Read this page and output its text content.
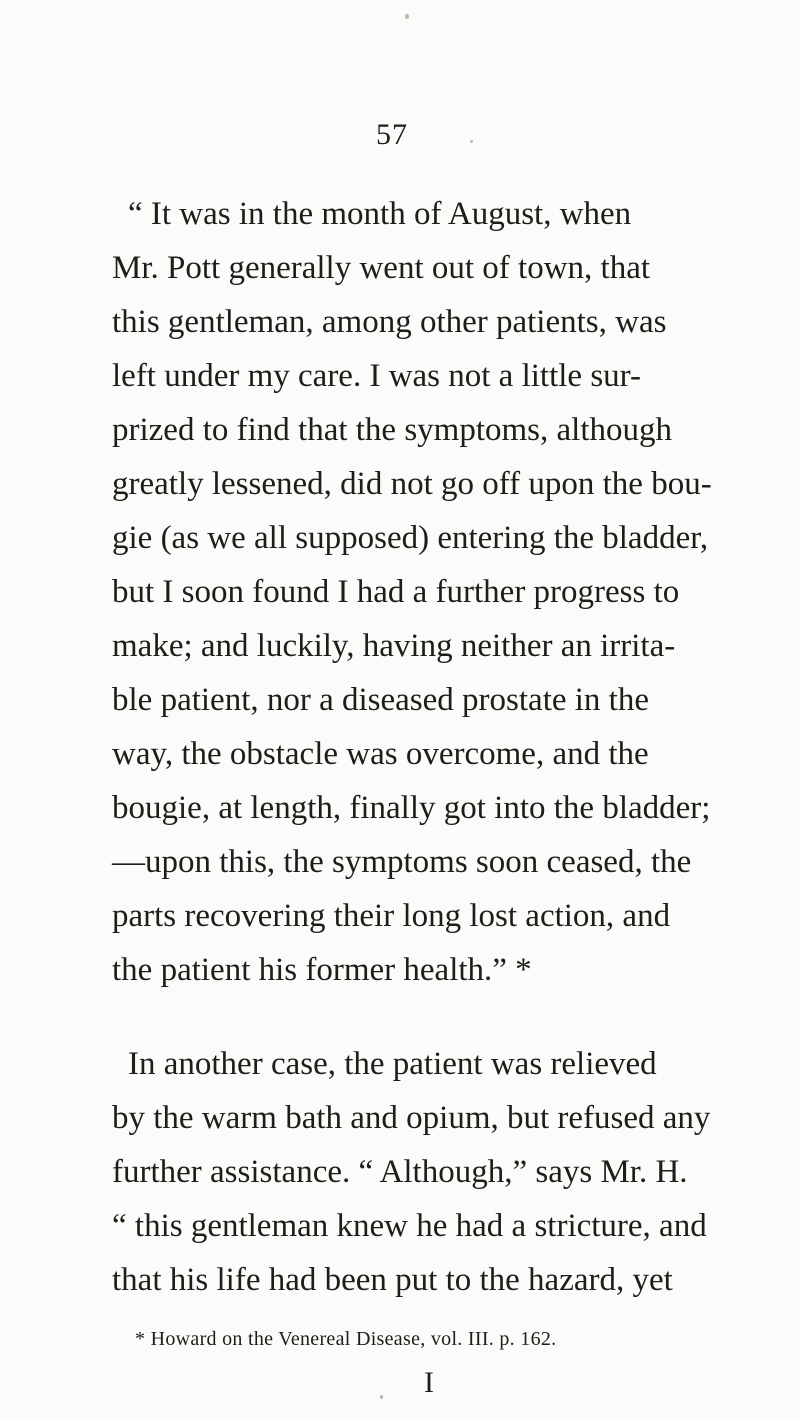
57
* Howard on the Venereal Disease, vol. III. p. 162.
I
“ It was in the month of August, when
Mr. Pott generally went out of town, that
this gentleman, among other patients, was
left under my care. I was not a little sur-
prized to find that the symptoms, although
greatly lessened, did not go off upon the bou-
gie (as we all supposed) entering the bladder,
but I soon found I had a further progress to
make; and luckily, having neither an irrita-
ble patient, nor a diseased prostate in the
way, the obstacle was overcome, and the
bougie, at length, finally got into the bladder;
—upon this, the symptoms soon ceased, the
parts recovering their long lost action, and
the patient his former health.” *
In another case, the patient was relieved
by the warm bath and opium, but refused any
further assistance. “ Although,” says Mr. H.
“ this gentleman knew he had a stricture, and
that his life had been put to the hazard, yet
